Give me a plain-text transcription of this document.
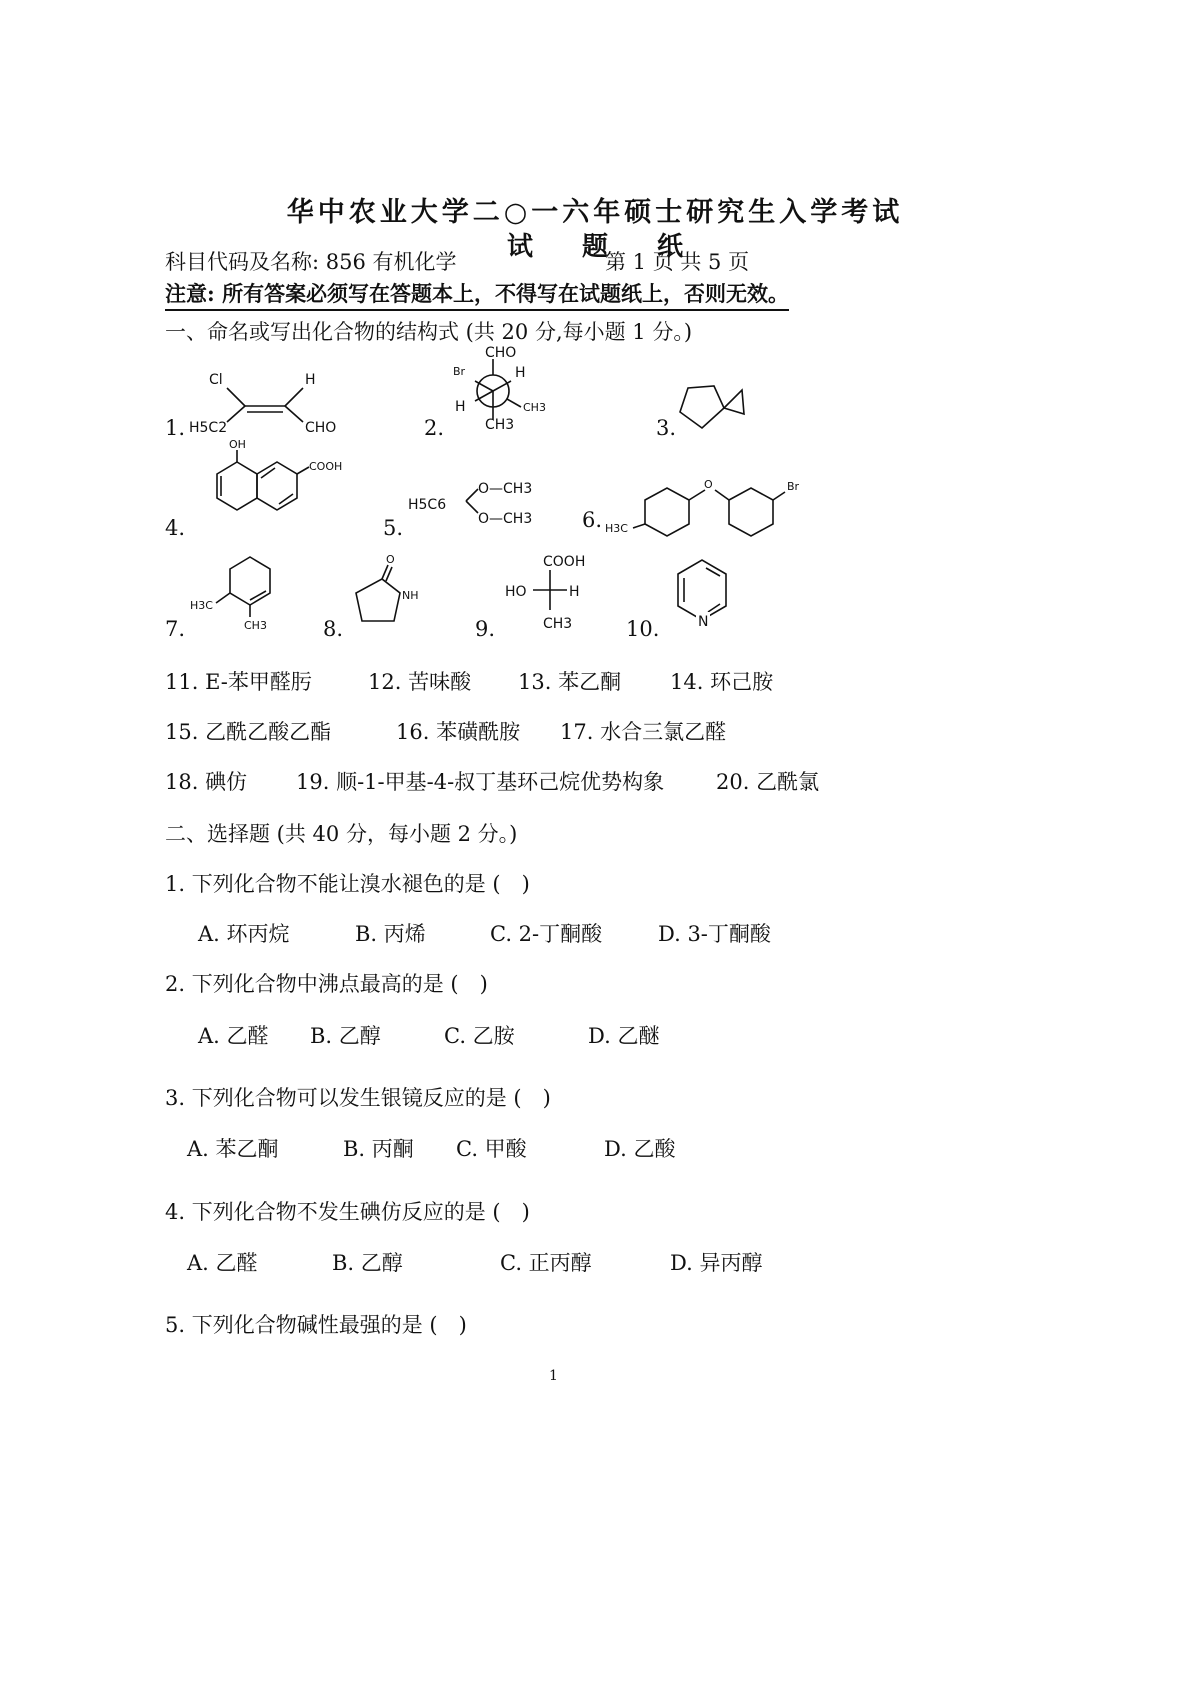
华中农业大学二○一六年硕士研究生入学考试
试 题 纸
科目代码及名称: 856 有机化学	第 1 页 共 5 页
注意: 所有答案必须写在答题本上，不得写在试题纸上，否则无效。
一、命名或写出化合物的结构式 (共 20 分,每小题 1 分。)
1.	2.	3.
4.	5.	6.
7.	8.	9.	10.
Cl	H
H5C2	CHO
CHO
Br	H
H
CH3
CH3
OH
COOH
H5C6
O—CH3
O—CH3
O	Br
H3C
H3C
CH3
O
NH
COOH
HO	H
CH3	N
11. E-苯甲醛肟	12. 苦味酸 13. 苯乙酮 14. 环己胺
15. 乙酰乙酸乙酯	16. 苯磺酰胺 17. 水合三氯乙醛
18. 碘仿 19. 顺-1-甲基-4-叔丁基环己烷优势构象 20. 乙酰氯
二、选择题 (共 40 分，每小题 2 分。)
1. 下列化合物不能让溴水褪色的是 (　)
A. 环丙烷	B. 丙烯	C. 2-丁酮酸	D. 3-丁酮酸
2. 下列化合物中沸点最高的是 (　)
A. 乙醛 B. 乙醇	C. 乙胺	D. 乙醚
3. 下列化合物可以发生银镜反应的是 (　)
A. 苯乙酮	B. 丙酮 C. 甲酸	D. 乙酸
4. 下列化合物不发生碘仿反应的是 (　)
A. 乙醛	B. 乙醇	C. 正丙醇	D. 异丙醇
5. 下列化合物碱性最强的是 (　)
1
